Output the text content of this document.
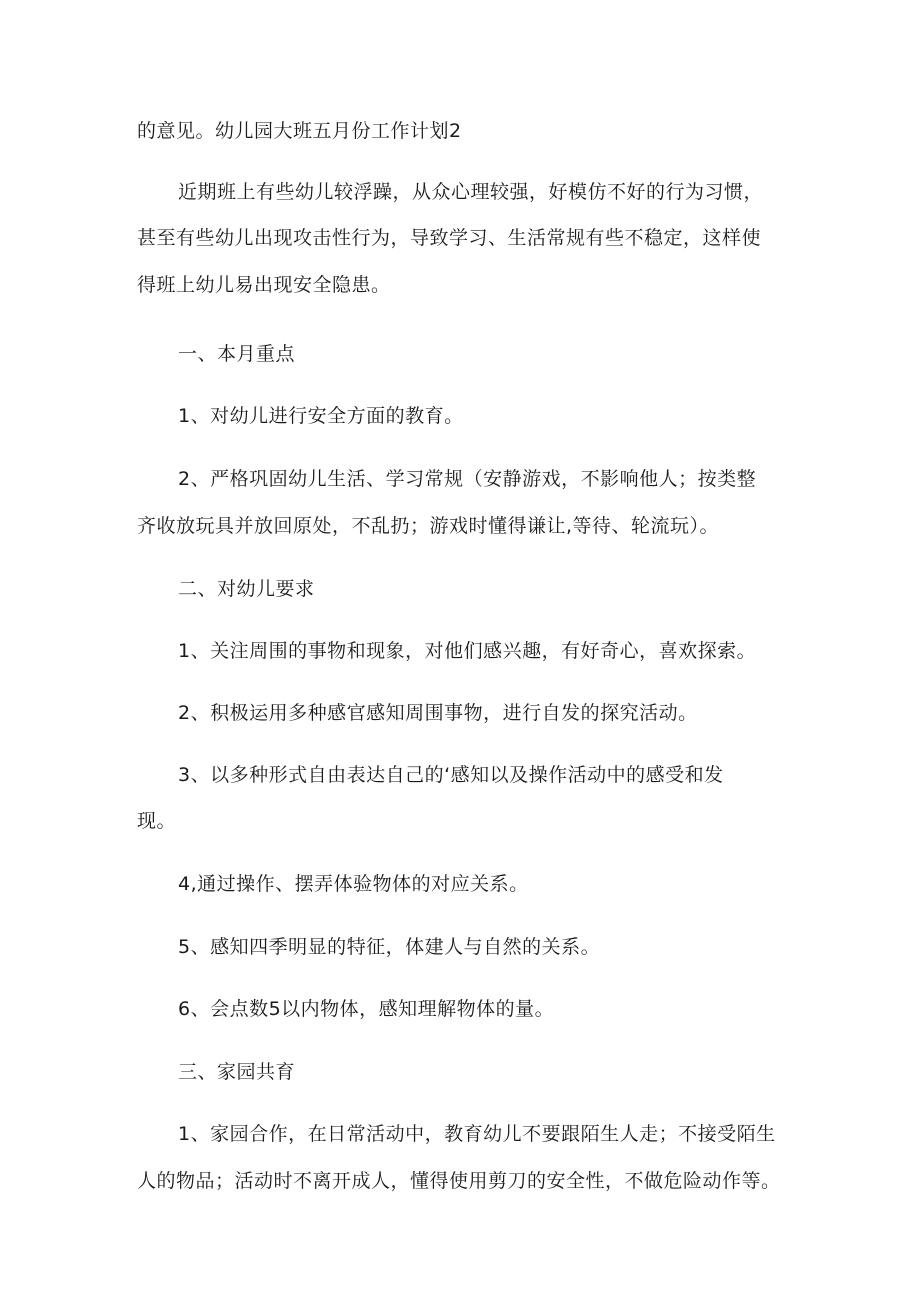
的意见。幼儿园大班五月份工作计划2

近期班上有些幼儿较浮躁，从众心理较强，好模仿不好的行为习惯，

甚至有些幼儿出现攻击性行为，导致学习、生活常规有些不稳定，这样使

得班上幼儿易出现安全隐患。

一、本月重点

1、对幼儿进行安全方面的教育。

2、严格巩固幼儿生活、学习常规（安静游戏，不影响他人；按类整

齐收放玩具并放回原处，不乱扔；游戏时懂得谦让,等待、轮流玩）。

二、对幼儿要求

1、关注周围的事物和现象，对他们感兴趣，有好奇心，喜欢探索。

2、积极运用多种感官感知周围事物，进行自发的探究活动。

3、以多种形式自由表达自己的‘感知以及操作活动中的感受和发

现。

4,通过操作、摆弄体验物体的对应关系。

5、感知四季明显的特征，体建人与自然的关系。

6、会点数5以内物体，感知理解物体的量。

三、家园共育

1、家园合作，在日常活动中，教育幼儿不要跟陌生人走；不接受陌生

人的物品；活动时不离开成人，懂得使用剪刀的安全性，不做危险动作等。
